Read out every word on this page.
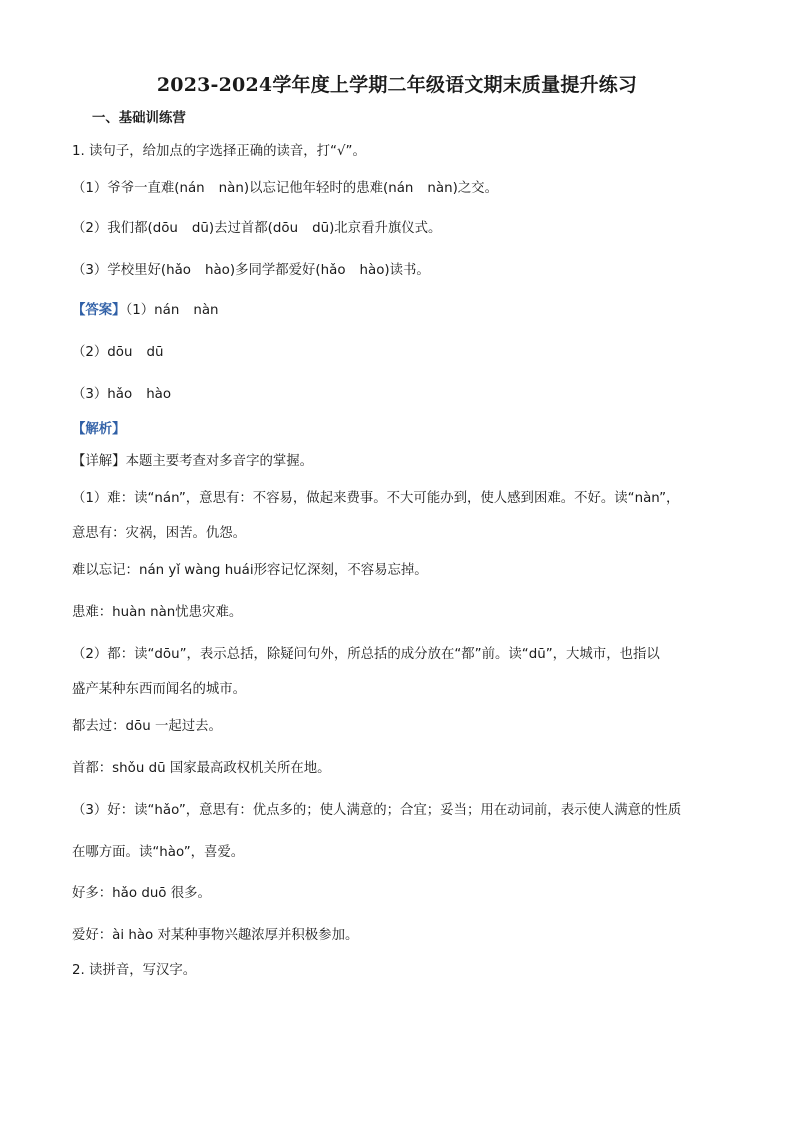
2023-2024学年度上学期二年级语文期末质量提升练习
一、基础训练营
1. 读句子，给加点的字选择正确的读音，打“√”。
（1）爷爷一直难(nán nàn)以忘记他年轻时的患难(nán nàn)之交。
（2）我们都(dōu dū)去过首都(dōu dū)北京看升旗仪式。
（3）学校里好(hǎo hào)多同学都爱好(hǎo hào)读书。
【答案】（1）nán nàn
（2）dōu dū
（3）hǎo hào
【解析】
【详解】本题主要考查对多音字的掌握。
（1）难：读“nán”，意思有：不容易，做起来费事。不大可能办到，使人感到困难。不好。读“nàn”，
意思有：灾祸，困苦。仇怨。
难以忘记：nán yǐ wàng huái形容记忆深刻，不容易忘掉。
患难：huàn nàn忧患灾难。
（2）都：读“dōu”，表示总括，除疑问句外，所总括的成分放在“都”前。读“dū”，大城市，也指以
盛产某种东西而闻名的城市。
都去过：dōu 一起过去。
首都：shǒu dū 国家最高政权机关所在地。
（3）好：读“hǎo”，意思有：优点多的；使人满意的；合宜；妥当；用在动词前，表示使人满意的性质
在哪方面。读“hào”，喜爱。
好多：hǎo duō 很多。
爱好：ài hào 对某种事物兴趣浓厚并积极参加。
2. 读拼音，写汉字。
